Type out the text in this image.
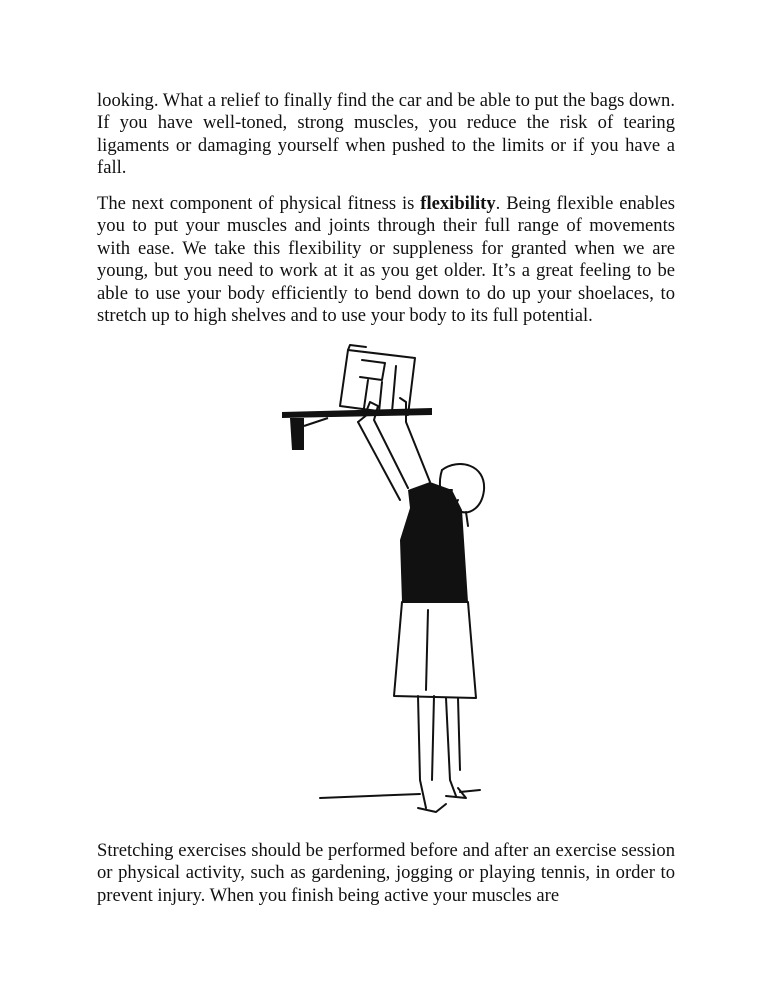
looking. What a relief to finally find the car and be able to put the bags down. If you have well-toned, strong muscles, you reduce the risk of tearing ligaments or damaging yourself when pushed to the limits or if you have a fall.

The next component of physical fitness is flexibility. Being flexible enables you to put your muscles and joints through their full range of movements with ease. We take this flexibility or suppleness for granted when we are young, but you need to work at it as you get older. It’s a great feeling to be able to use your body efficiently to bend down to do up your shoelaces, to stretch up to high shelves and to use your body to its full potential.

Stretching exercises should be performed before and after an exercise session or physical activity, such as gardening, jogging or playing tennis, in order to prevent injury. When you finish being active your muscles are
